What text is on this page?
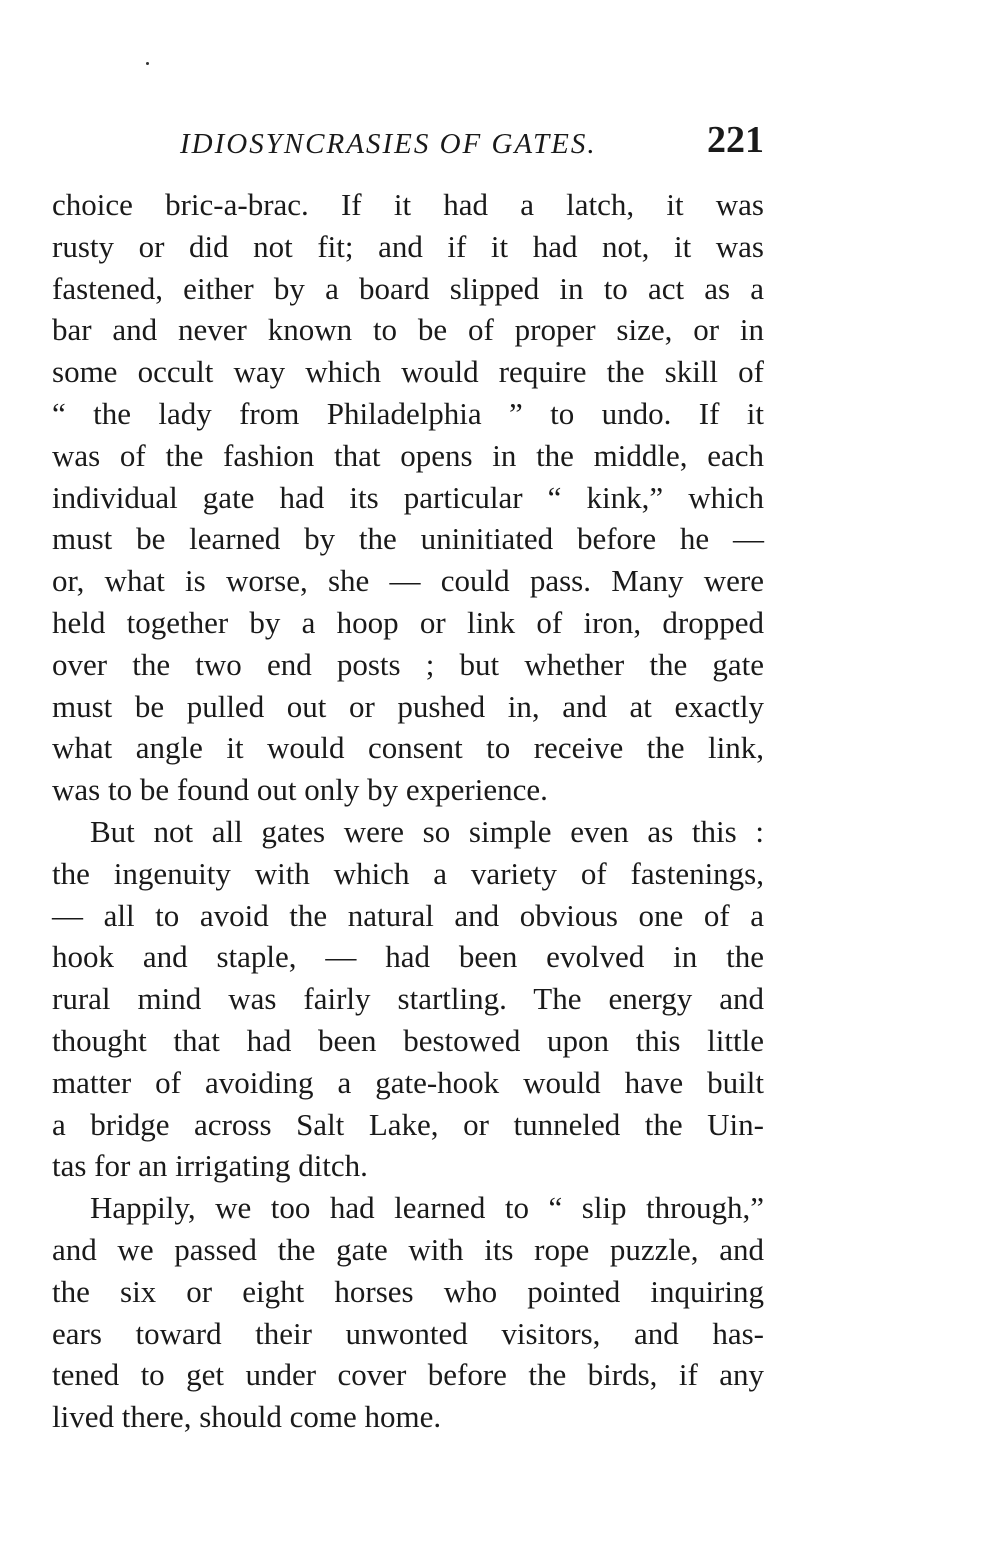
IDIOSYNCRASIES OF GATES.	221
choice bric-a-brac. If it had a latch, it was
rusty or did not fit; and if it had not, it was
fastened, either by a board slipped in to act as a
bar and never known to be of proper size, or in
some occult way which would require the skill of
“ the lady from Philadelphia ” to undo. If it
was of the fashion that opens in the middle, each
individual gate had its particular “ kink,” which
must be learned by the uninitiated before he —
or, what is worse, she — could pass. Many were
held together by a hoop or link of iron, dropped
over the two end posts ; but whether the gate
must be pulled out or pushed in, and at exactly
what angle it would consent to receive the link,
was to be found out only by experience.
But not all gates were so simple even as this :
the ingenuity with which a variety of fastenings,
— all to avoid the natural and obvious one of a
hook and staple, — had been evolved in the
rural mind was fairly startling. The energy and
thought that had been bestowed upon this little
matter of avoiding a gate-hook would have built
a bridge across Salt Lake, or tunneled the Uin-
tas for an irrigating ditch.
Happily, we too had learned to “ slip through,”
and we passed the gate with its rope puzzle, and
the six or eight horses who pointed inquiring
ears toward their unwonted visitors, and has-
tened to get under cover before the birds, if any
lived there, should come home.
